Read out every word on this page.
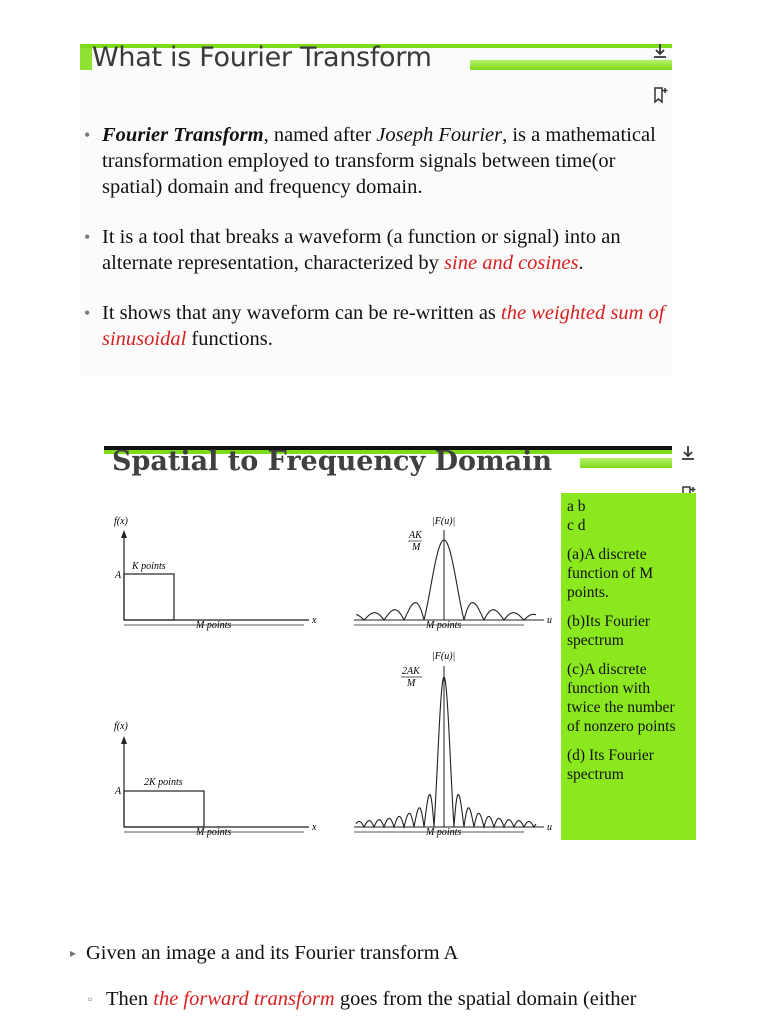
What is Fourier Transform
• Fourier Transform, named after Joseph Fourier, is a mathematical transformation employed to transform signals between time(or spatial) domain and frequency domain.
• It is a tool that breaks a waveform (a function or signal) into an alternate representation, characterized by sine and cosines.
• It shows that any waveform can be re-written as the weighted sum of sinusoidal functions.
Spatial to Frequency Domain
f(x)
A
K points
M points	x
|F(u)|
AK
M
M points	u
f(x)
A
2K points
M points	x
|F(u)|
2AK
M
M points	u
a b
c d

(a)A discrete
function of M
points.

(b)Its Fourier
spectrum

(c)A discrete
function with
twice the number
of nonzero points

(d) Its Fourier
spectrum
▸ Given an image a and its Fourier transform A
▫ Then the forward transform goes from the spatial domain (either
